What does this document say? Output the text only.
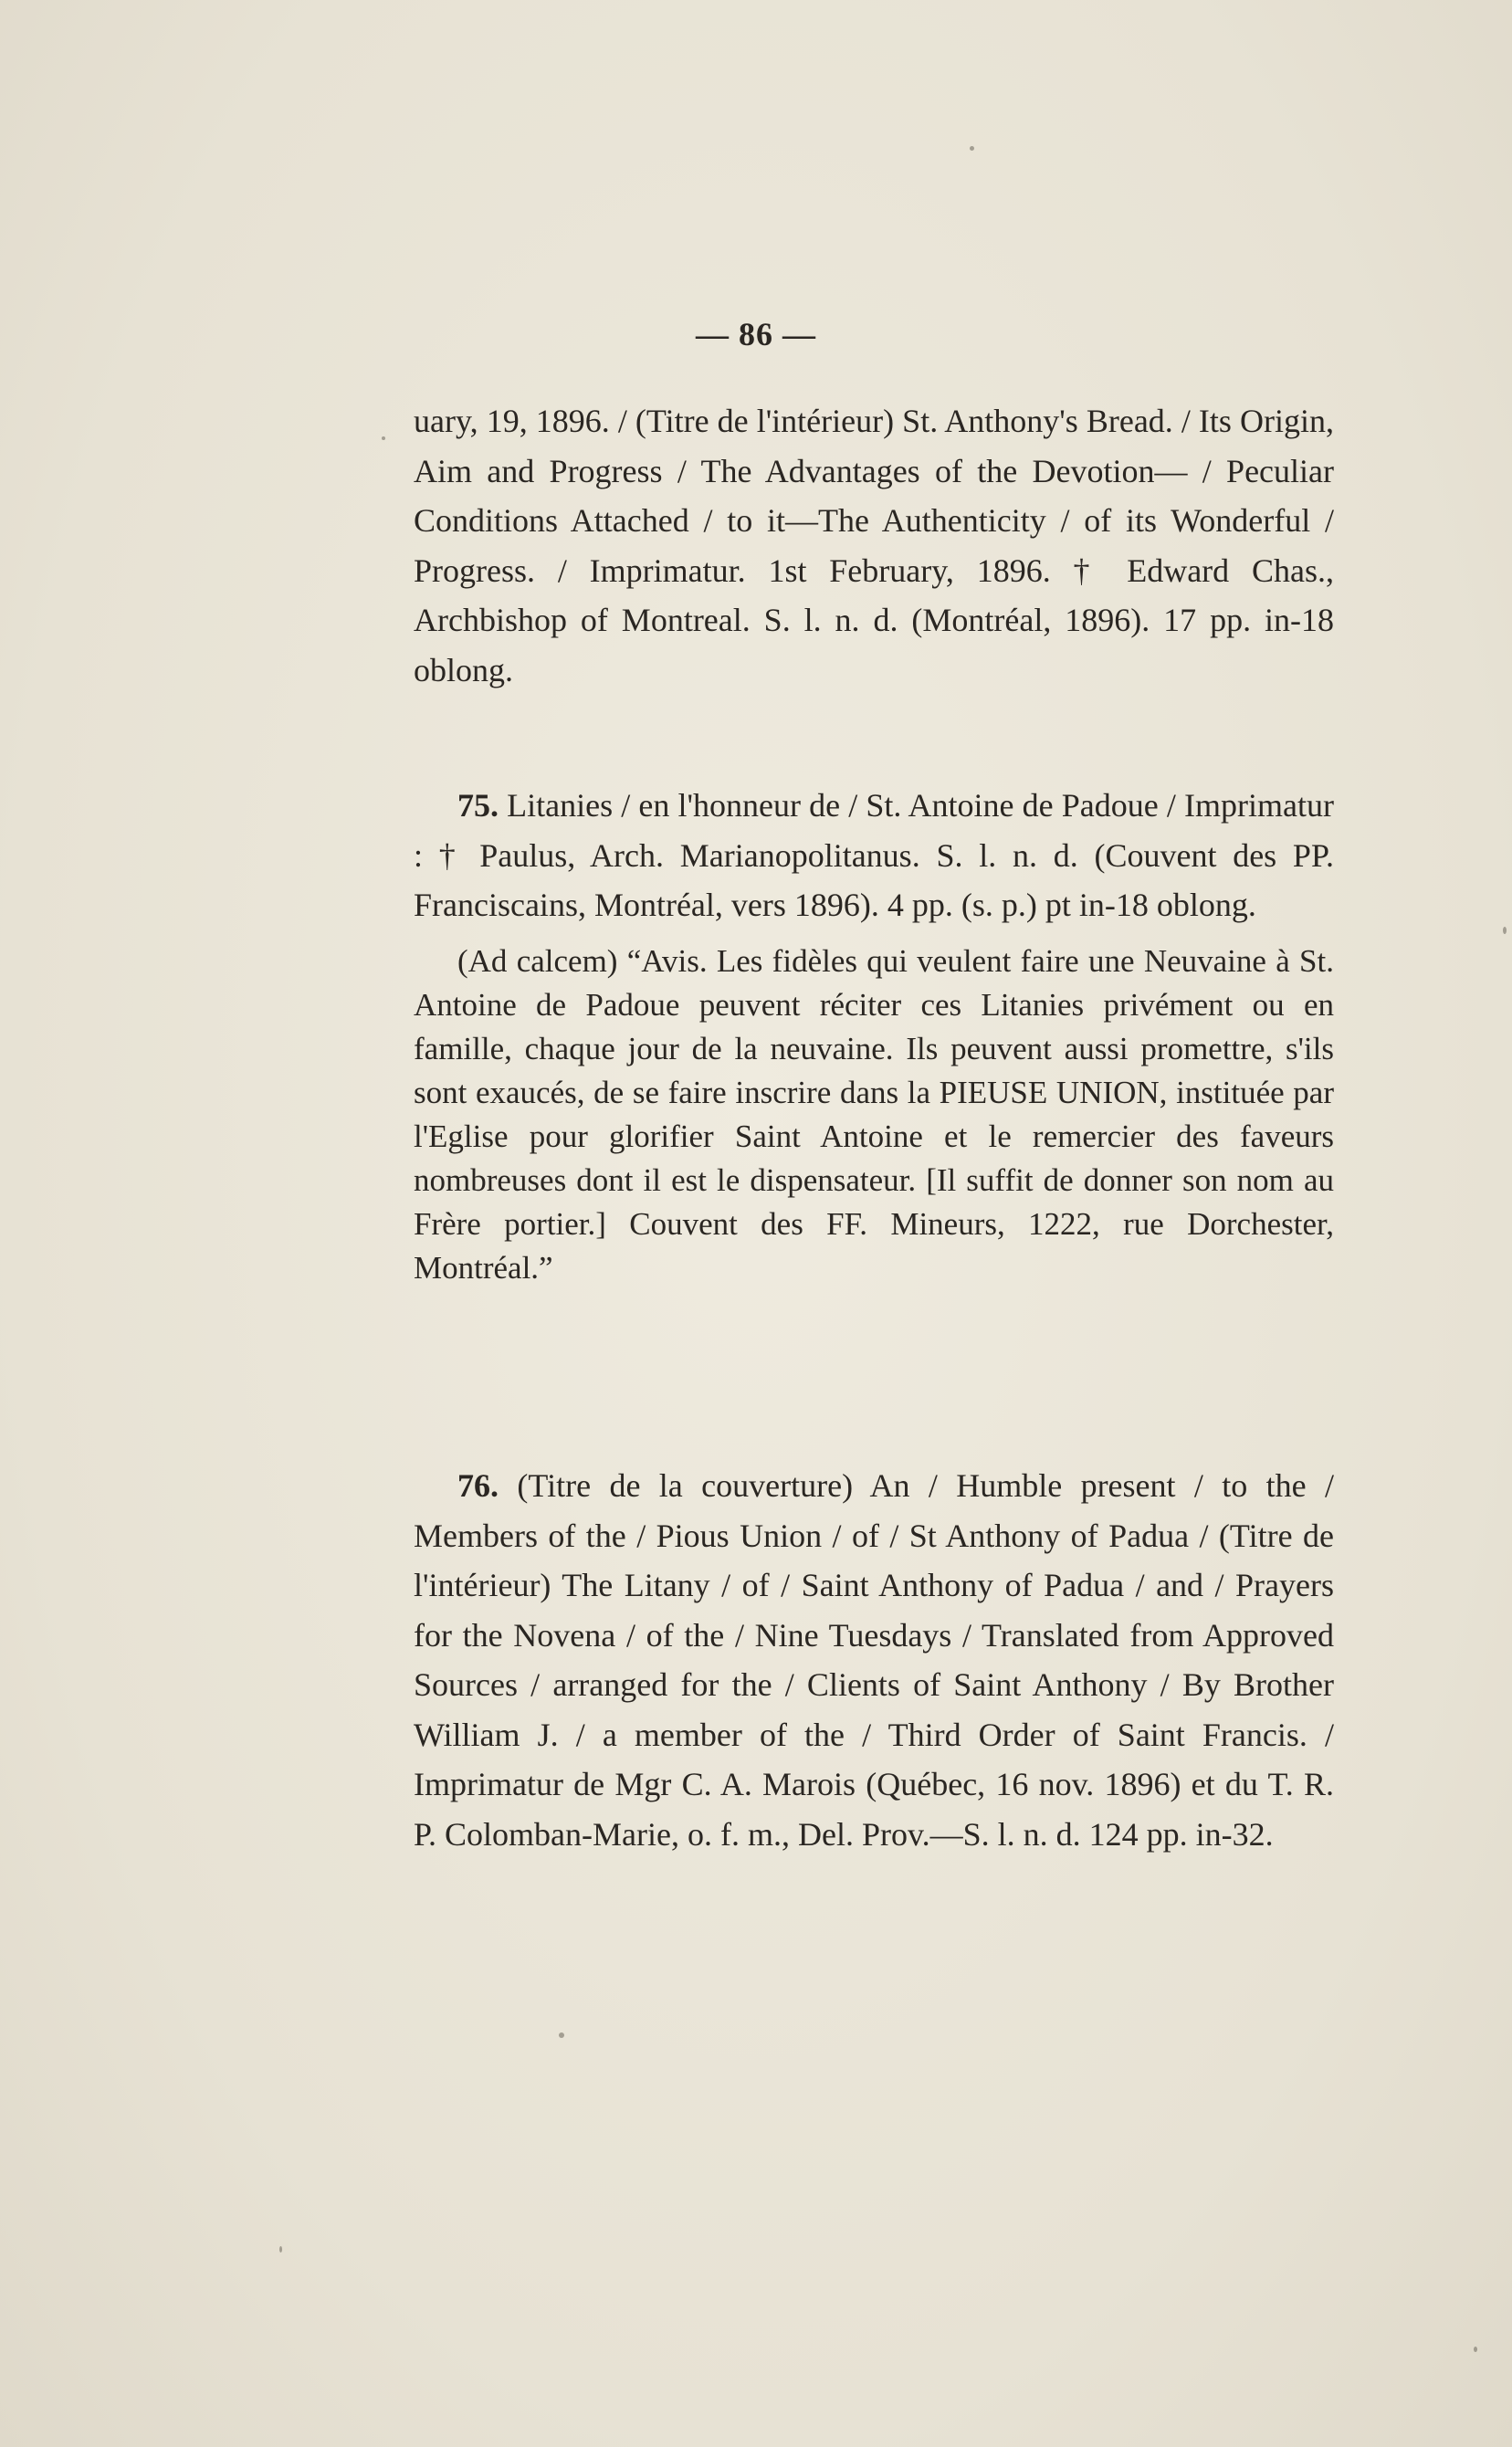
— 86 —

uary, 19, 1896. / (Titre de l'intérieur) St. Anthony's Bread. / Its Origin, Aim and Progress / The Advantages of the Devotion— / Peculiar Conditions Attached / to it—The Authenticity / of its Wonderful / Progress. / Imprimatur. 1st February, 1896. † Edward Chas., Archbishop of Montreal. S. l. n. d. (Montréal, 1896). 17 pp. in-18 oblong.

75. Litanies / en l'honneur de / St. Antoine de Padoue / Imprimatur : † Paulus, Arch. Marianopolitanus. S. l. n. d. (Couvent des PP. Franciscains, Montréal, vers 1896). 4 pp. (s. p.) pt in-18 oblong.

(Ad calcem) “Avis. Les fidèles qui veulent faire une Neuvaine à St. Antoine de Padoue peuvent réciter ces Litanies privément ou en famille, chaque jour de la neuvaine. Ils peuvent aussi promettre, s'ils sont exaucés, de se faire inscrire dans la PIEUSE UNION, instituée par l'Eglise pour glorifier Saint Antoine et le remercier des faveurs nombreuses dont il est le dispensateur. [Il suffit de donner son nom au Frère portier.] Couvent des FF. Mineurs, 1222, rue Dorchester, Montréal.”

76. (Titre de la couverture) An / Humble present / to the / Members of the / Pious Union / of / St Anthony of Padua / (Titre de l'intérieur) The Litany / of / Saint Anthony of Padua / and / Prayers for the Novena / of the / Nine Tuesdays / Translated from Approved Sources / arranged for the / Clients of Saint Anthony / By Brother William J. / a member of the / Third Order of Saint Francis. / Imprimatur de Mgr C. A. Marois (Québec, 16 nov. 1896) et du T. R. P. Colomban-Marie, o. f. m., Del. Prov.—S. l. n. d. 124 pp. in-32.
